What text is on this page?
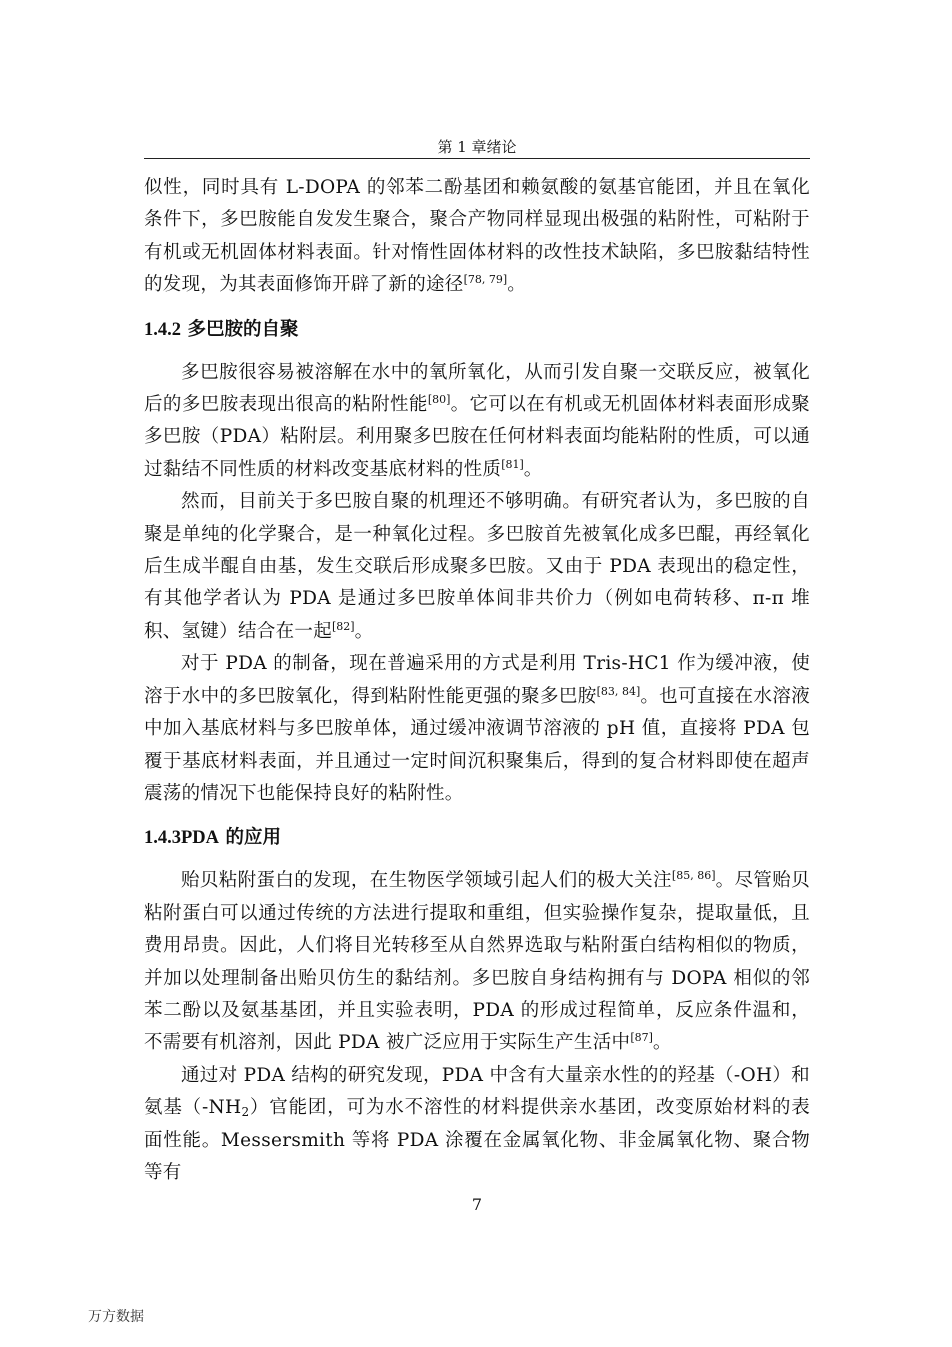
第 1 章绪论

似性，同时具有 L-DOPA 的邻苯二酚基团和赖氨酸的氨基官能团，并且在氧化条件下，多巴胺能自发发生聚合，聚合产物同样显现出极强的粘附性，可粘附于有机或无机固体材料表面。针对惰性固体材料的改性技术缺陷，多巴胺黏结特性的发现，为其表面修饰开辟了新的途径[78, 79]。

1.4.2 多巴胺的自聚

多巴胺很容易被溶解在水中的氧所氧化，从而引发自聚一交联反应，被氧化后的多巴胺表现出很高的粘附性能[80]。它可以在有机或无机固体材料表面形成聚多巴胺（PDA）粘附层。利用聚多巴胺在任何材料表面均能粘附的性质，可以通过黏结不同性质的材料改变基底材料的性质[81]。

然而，目前关于多巴胺自聚的机理还不够明确。有研究者认为，多巴胺的自聚是单纯的化学聚合，是一种氧化过程。多巴胺首先被氧化成多巴醌，再经氧化后生成半醌自由基，发生交联后形成聚多巴胺。又由于 PDA 表现出的稳定性，有其他学者认为 PDA 是通过多巴胺单体间非共价力（例如电荷转移、π-π 堆积、氢键）结合在一起[82]。

对于 PDA 的制备，现在普遍采用的方式是利用 Tris-HC1 作为缓冲液，使溶于水中的多巴胺氧化，得到粘附性能更强的聚多巴胺[83, 84]。也可直接在水溶液中加入基底材料与多巴胺单体，通过缓冲液调节溶液的 pH 值，直接将 PDA 包覆于基底材料表面，并且通过一定时间沉积聚集后，得到的复合材料即使在超声震荡的情况下也能保持良好的粘附性。

1.4.3PDA 的应用

贻贝粘附蛋白的发现，在生物医学领域引起人们的极大关注[85, 86]。尽管贻贝粘附蛋白可以通过传统的方法进行提取和重组，但实验操作复杂，提取量低，且费用昂贵。因此，人们将目光转移至从自然界选取与粘附蛋白结构相似的物质，并加以处理制备出贻贝仿生的黏结剂。多巴胺自身结构拥有与 DOPA 相似的邻苯二酚以及氨基基团，并且实验表明，PDA 的形成过程简单，反应条件温和，不需要有机溶剂，因此 PDA 被广泛应用于实际生产生活中[87]。

通过对 PDA 结构的研究发现，PDA 中含有大量亲水性的的羟基（-OH）和氨基$(-NH_2)$官能团，可为水不溶性的材料提供亲水基团，改变原始材料的表面性能。Messersmith 等将 PDA 涂覆在金属氧化物、非金属氧化物、聚合物等有

7
万方数据
